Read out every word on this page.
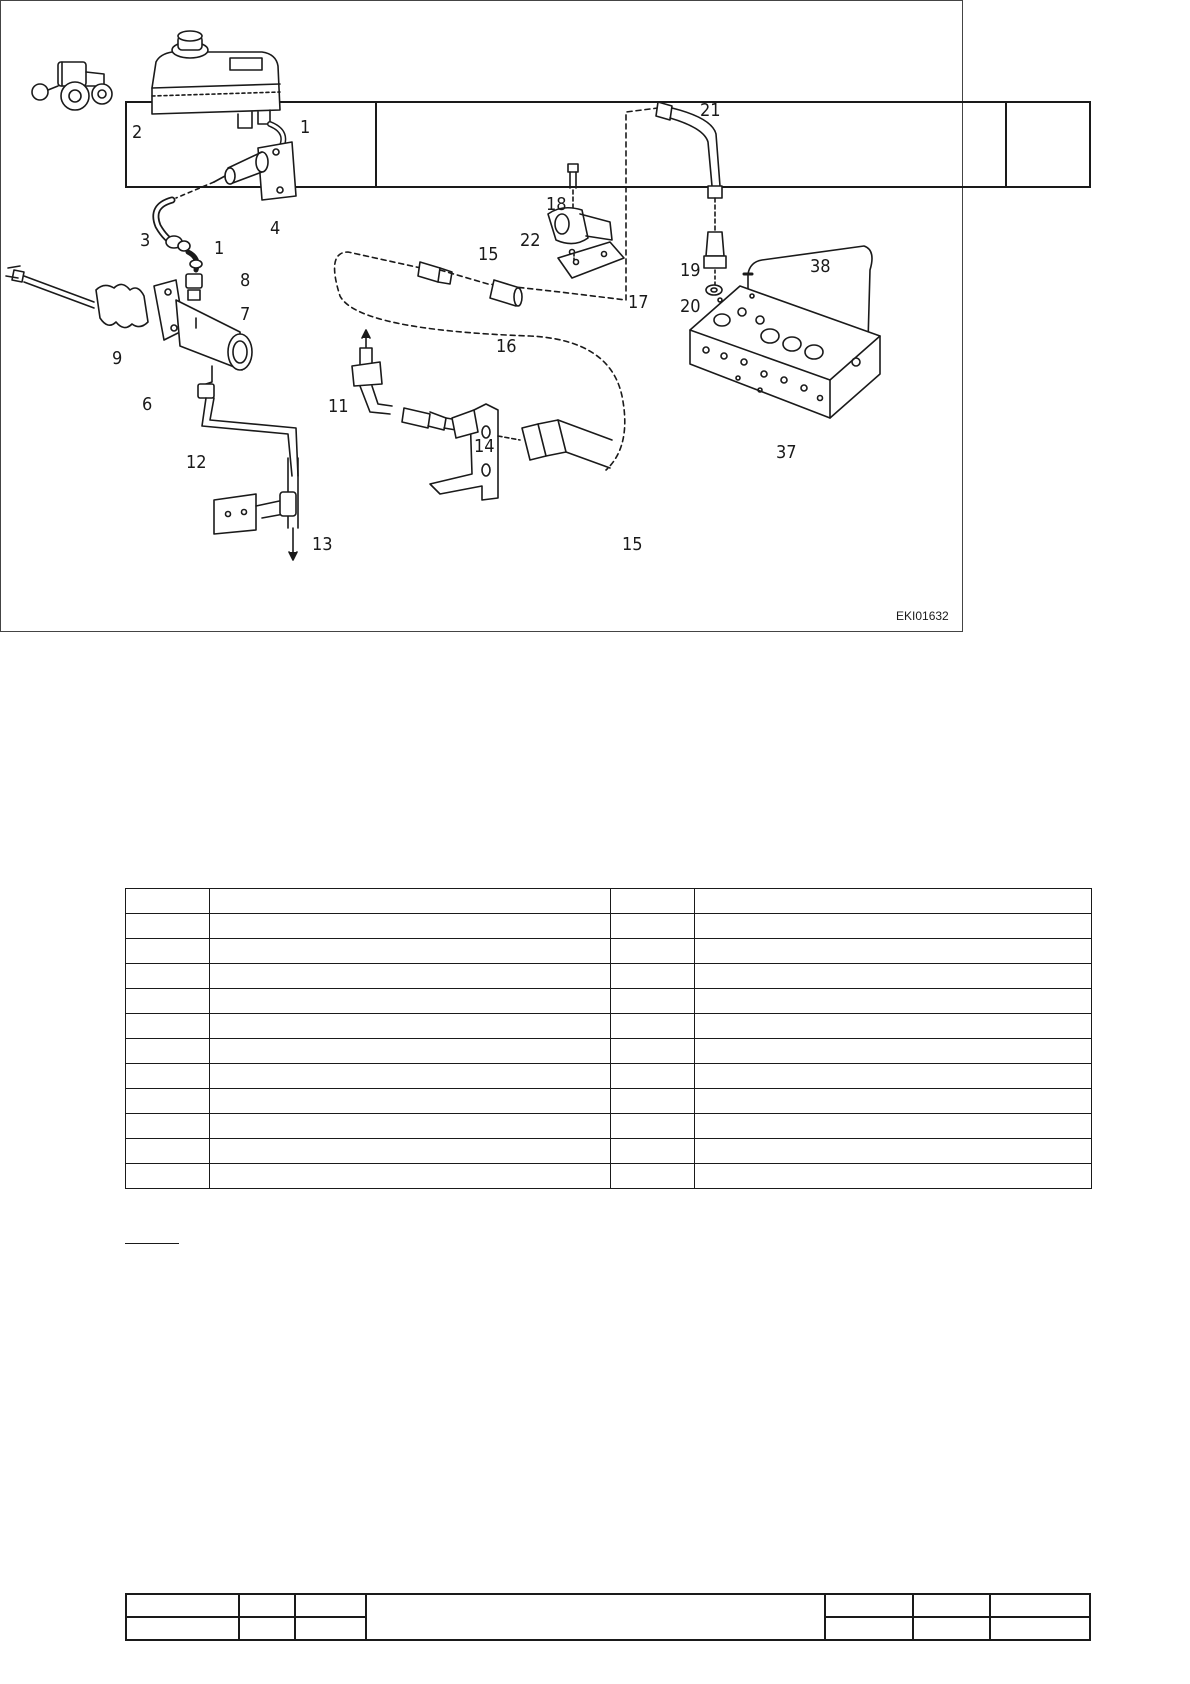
1
2
21
18
22
3	1
4
15
8
17
7
16
9
19	38
20
6	11
14
12	37
13	15
EKI01632
